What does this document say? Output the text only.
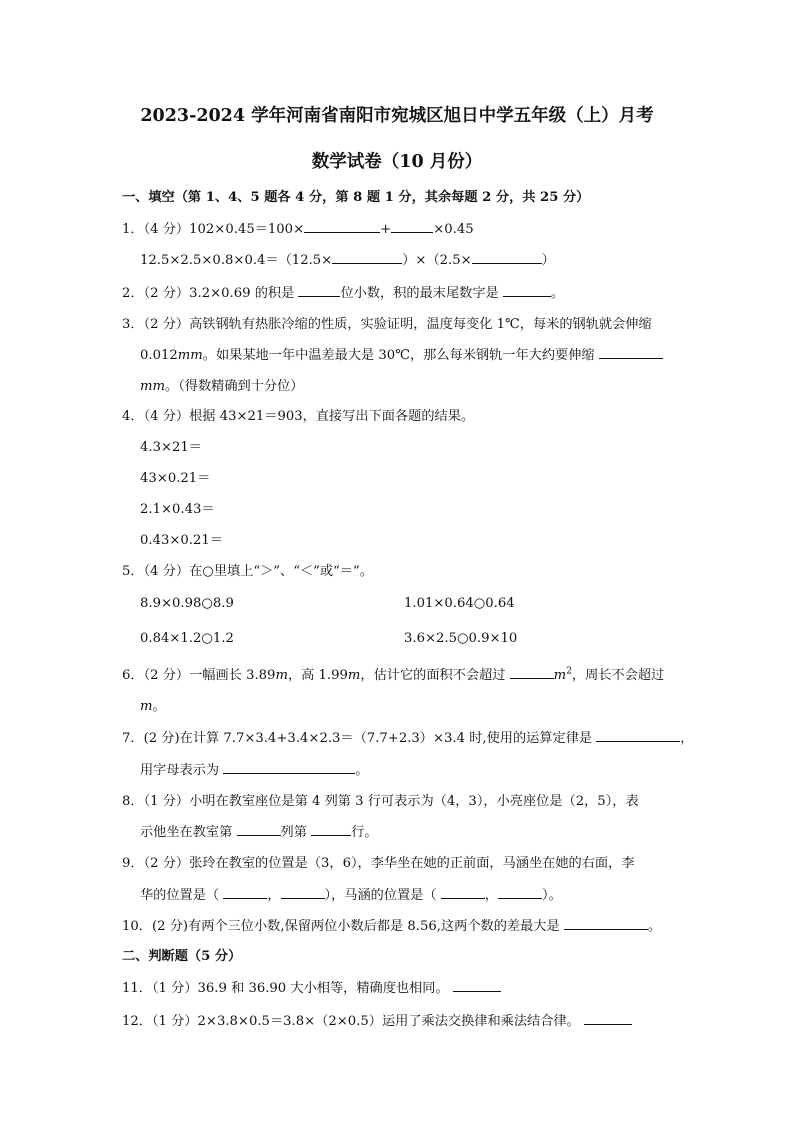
2023-2024 学年河南省南阳市宛城区旭日中学五年级（上）月考
数学试卷（10 月份）
一、填空（第 1、4、5 题各 4 分，第 8 题 1 分，其余每题 2 分，共 25 分）
1．（4 分）102×0.45＝100×	+	×0.45
12.5×2.5×0.8×0.4＝（12.5×	）×（2.5×	）
2．（2 分）3.2×0.69 的积是	位小数，积的最末尾数字是	。
3．（2 分）高铁钢轨有热胀冷缩的性质，实验证明，温度每变化 1℃，每米的钢轨就会伸缩
0.012mm。如果某地一年中温差最大是 30℃，那么每米钢轨一年大约要伸缩
mm。（得数精确到十分位）
4．（4 分）根据 43×21＝903，直接写出下面各题的结果。
4.3×21＝
43×0.21＝
2.1×0.43＝
0.43×0.21＝
5．（4 分）在○里填上“＞”、“＜”或“＝”。
8.9×0.98○8.9	1.01×0.64○0.64
0.84×1.2○1.2	3.6×2.5○0.9×10
6．（2 分）一幅画长 3.89m，高 1.99m，估计它的面积不会超过	$m^2$，周长不会超过
m。
7．(2 分)在计算 7.7×3.4+3.4×2.3＝（7.7+2.3）×3.4 时,使用的运算定律是	，
用字母表示为	。
8．（1 分）小明在教室座位是第 4 列第 3 行可表示为（4，3），小亮座位是（2，5），表
示他坐在教室第	列第	行。
9．（2 分）张玲在教室的位置是（3，6），李华坐在她的正前面，马涵坐在她的右面，李
华的位置是（	，	），马涵的位置是（	，	）。
10．(2 分)有两个三位小数,保留两位小数后都是 8.56,这两个数的差最大是	。
二、判断题（5 分）
11．（1 分）36.9 和 36.90 大小相等，精确度也相同。
12．（1 分）2×3.8×0.5＝3.8×（2×0.5）运用了乘法交换律和乘法结合律。
